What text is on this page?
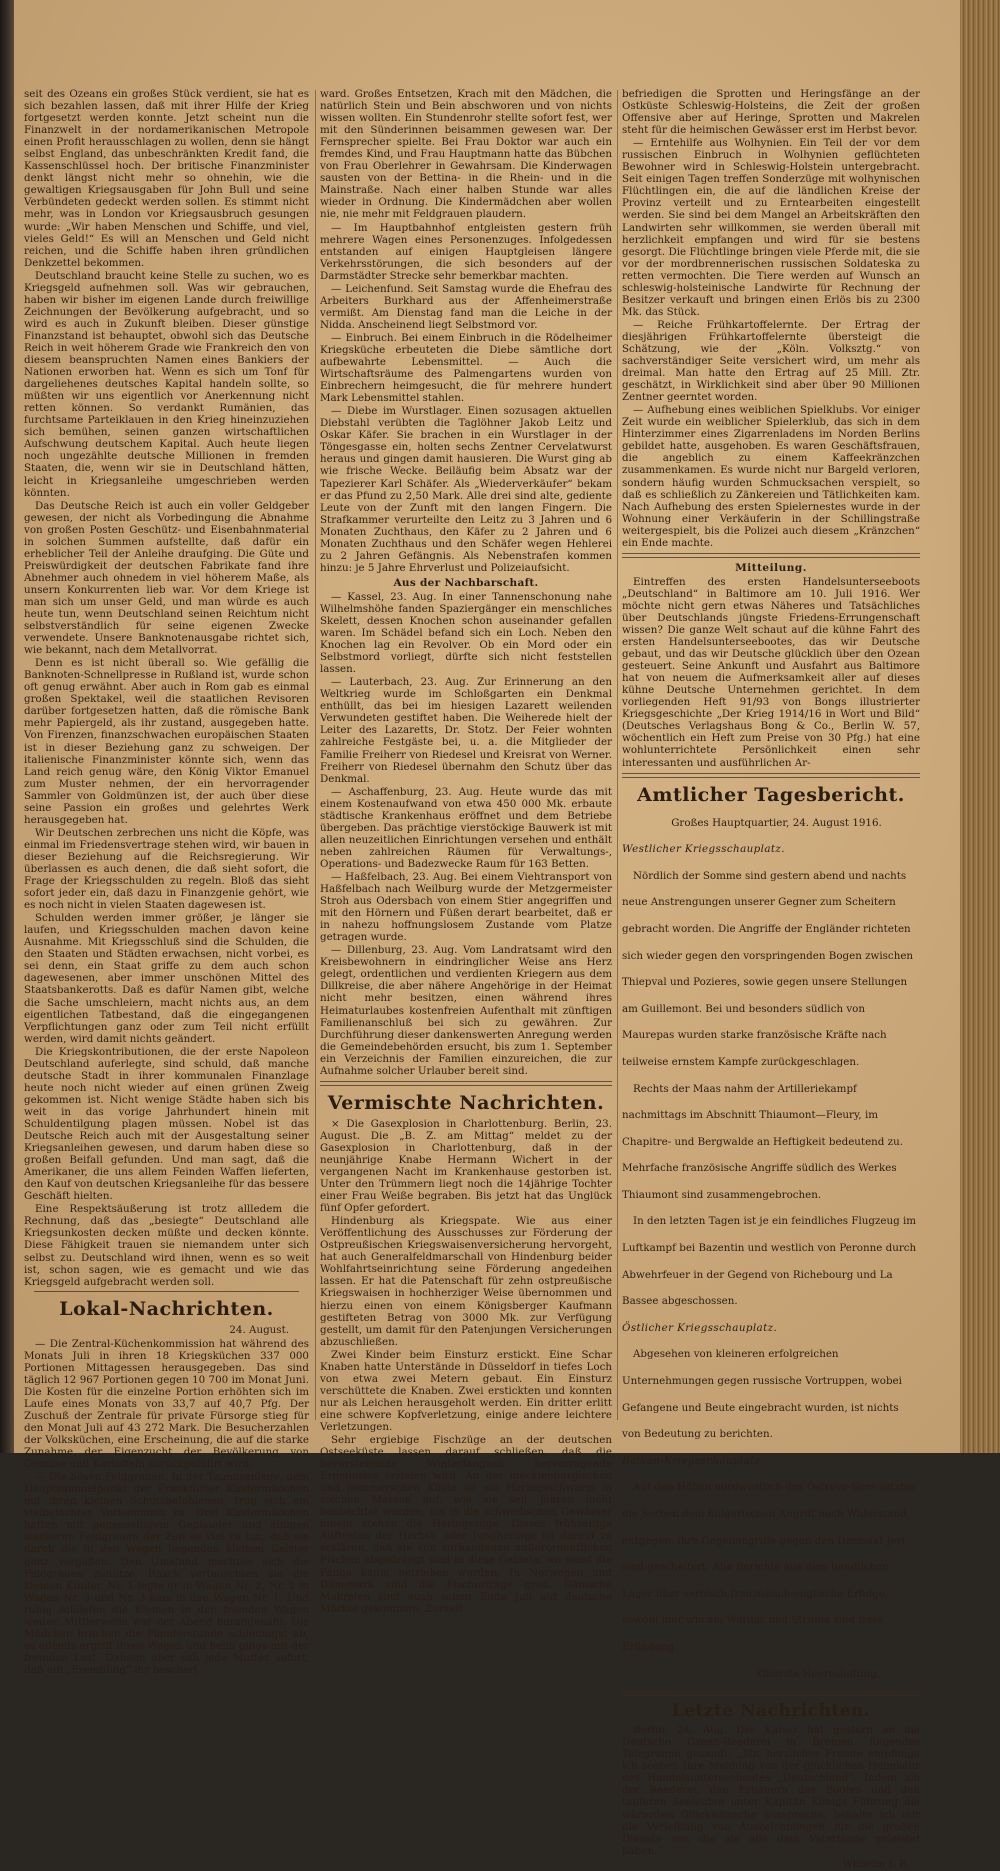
seit des Ozeans ein großes Stück verdient, sie hat es sich bezahlen lassen, daß mit ihrer Hilfe der Krieg fortgesetzt werden konnte. Jetzt scheint nun die Finanzwelt in der nordamerikanischen Metropole einen Profit herausschlagen zu wollen, denn sie hängt selbst England, das unbeschränkten Kredit fand, die Kassenschlüssel hoch. Der britische Finanzminister denkt längst nicht mehr so ohnehin, wie die gewaltigen Kriegsausgaben für John Bull und seine Verbündeten gedeckt werden sollen. Es stimmt nicht mehr, was in London vor Kriegsausbruch gesungen wurde: „Wir haben Menschen und Schiffe, und viel, vieles Geld!“ Es will an Menschen und Geld nicht reichen, und die Schiffe haben ihren gründlichen Denkzettel bekommen.

Deutschland braucht keine Stelle zu suchen, wo es Kriegsgeld aufnehmen soll. Was wir gebrauchen, haben wir bisher im eigenen Lande durch freiwillige Zeichnungen der Bevölkerung aufgebracht, und so wird es auch in Zukunft bleiben. Dieser günstige Finanzstand ist behauptet, obwohl sich das Deutsche Reich in weit höherem Grade wie Frankreich den von diesem beanspruchten Namen eines Bankiers der Nationen erworben hat. Wenn es sich um Tonf für dargeliehenes deutsches Kapital handeln sollte, so müßten wir uns eigentlich vor Anerkennung nicht retten können. So verdankt Rumänien, das furchtsame Parteiklauen in den Krieg hineinzuziehen sich bemühen, seinen ganzen wirtschaftlichen Aufschwung deutschem Kapital. Auch heute liegen noch ungezählte deutsche Millionen in fremden Staaten, die, wenn wir sie in Deutschland hätten, leicht in Kriegsanleihe umgeschrieben werden könnten.

Das Deutsche Reich ist auch ein voller Geldgeber gewesen, der nicht als Vorbedingung die Abnahme von großen Posten Geschütz- und Eisenbahnmaterial in solchen Summen aufstellte, daß dafür ein erheblicher Teil der Anleihe draufging. Die Güte und Preiswürdigkeit der deutschen Fabrikate fand ihre Abnehmer auch ohnedem in viel höherem Maße, als unsern Konkurrenten lieb war. Vor dem Kriege ist man sich um unser Geld, und man würde es auch heute tun, wenn Deutschland seinen Reichtum nicht selbstverständlich für seine eigenen Zwecke verwendete. Unsere Banknotenausgabe richtet sich, wie bekannt, nach dem Metallvorrat.

Denn es ist nicht überall so. Wie gefällig die Banknoten-Schnellpresse in Rußland ist, wurde schon oft genug erwähnt. Aber auch in Rom gab es einmal großen Spektakel, weil die staatlichen Revisoren darüber fortgesetzen hatten, daß die römische Bank mehr Papiergeld, als ihr zustand, ausgegeben hatte. Von Firenzen, finanzschwachen europäischen Staaten ist in dieser Beziehung ganz zu schweigen. Der italienische Finanzminister könnte sich, wenn das Land reich genug wäre, den König Viktor Emanuel zum Muster nehmen, der ein hervorragender Sammler von Goldmünzen ist, der auch über diese seine Passion ein großes und gelehrtes Werk herausgegeben hat.

Wir Deutschen zerbrechen uns nicht die Köpfe, was einmal im Friedensvertrage stehen wird, wir bauen in dieser Beziehung auf die Reichsregierung. Wir überlassen es auch denen, die daß sieht sofort, die Frage der Kriegsschulden zu regeln. Bloß das sieht sofort jeder ein, daß dazu in Finanzgenie gehört, wie es noch nicht in vielen Staaten dagewesen ist.

Schulden werden immer größer, je länger sie laufen, und Kriegsschulden machen davon keine Ausnahme. Mit Kriegsschluß sind die Schulden, die den Staaten und Städten erwachsen, nicht vorbei, es sei denn, ein Staat griffe zu dem auch schon dagewesenen, aber immer unschönen Mittel des Staatsbankerotts. Daß es dafür Namen gibt, welche die Sache umschleiern, macht nichts aus, an dem eigentlichen Tatbestand, daß die eingegangenen Verpflichtungen ganz oder zum Teil nicht erfüllt werden, wird damit nichts geändert.

Die Kriegskontributionen, die der erste Napoleon Deutschland auferlegte, sind schuld, daß manche deutsche Stadt in ihrer kommunalen Finanzlage heute noch nicht wieder auf einen grünen Zweig gekommen ist. Nicht wenige Städte haben sich bis weit in das vorige Jahrhundert hinein mit Schuldentilgung plagen müssen. Nobel ist das Deutsche Reich auch mit der Ausgestaltung seiner Kriegsanleihen gewesen, und darum haben diese so großen Beifall gefunden. Und man sagt, daß die Amerikaner, die uns allem Feinden Waffen lieferten, den Kauf von deutschen Kriegsanleihe für das bessere Geschäft hielten.

Eine Respektsäußerung ist trotz allledem die Rechnung, daß das „besiegte“ Deutschland alle Kriegsunkosten decken müßte und decken könnte. Diese Fähigkeit trauen sie niemandem unter sich selbst zu. Deutschland wird ihnen, wenn es so weit ist, schon sagen, wie es gemacht und wie das Kriegsgeld aufgebracht werden soll.

Lokal-Nachrichten.
24. August.

— Die Zentral-Küchenkommission hat während des Monats Juli in ihren 18 Kriegsküchen 337 000 Portionen Mittagessen herausgegeben. Das sind täglich 12 967 Portionen gegen 10 700 im Monat Juni. Die Kosten für die einzelne Portion erhöhten sich im Laufe eines Monats von 33,7 auf 40,7 Pfg. Der Zuschuß der Zentrale für private Fürsorge stieg für den Monat Juli auf 43 272 Mark. Die Besucherzahlen der Volksküchen, eine Erscheinung, die auf die starke Zunahme der Eigenzucht der Bevölkerung von Gemüse und Kartoffeln zurückgeführt wird.

— Die bösen Feldgrauen. In der Taunusanlage, dem Hauptsammelpunkt der Frankfurter Kindermädchen mit ihren kleinen Schutzbefohlenen, trug sich ein vielbelachtes Vorkommnis zu. Drei Kindermädchen hatten mit gegenseitigem Geplauder und einigen wackeren Feldgrauen der Zeit so viel zu tun, daß sie darob die in den Wagen liegenden kleinen Geister ganz vergaßen. Den Umstand machten sich die Feldgrauen zunutze. Rasch vertauschten sie die kleinen Kinder. Nr. 1 legte er in Wagen Nr. 2, Nr. 2 in Wagen Nr. 3 und Nr. 3 kam in den Wagen Nr. 1. Und ruhig schliefen die Kleinen in den fremden Wagen weiter. Mittlerweile war der Abend herangenaht. Die Mädchen brachen die Plauderstunde schleunigst ab, es eilends ergriff ihren Wagen und heim gings mit der fremden Last. Daheim aber sah jede Mutter sofort, daß ein „Frembling“ ihr beschert

ward. Großes Entsetzen, Krach mit den Mädchen, die natürlich Stein und Bein abschworen und von nichts wissen wollten. Ein Stundenrohr stellte sofort fest, wer mit den Sünderinnen beisammen gewesen war. Der Fernsprecher spielte. Bei Frau Doktor war auch ein fremdes Kind, und Frau Hauptmann hatte das Bübchen von Frau Oberlehrer in Gewahrsam. Die Kinderwagen sausten von der Bettina- in die Rhein- und in die Mainstraße. Nach einer halben Stunde war alles wieder in Ordnung. Die Kindermädchen aber wollen nie, nie mehr mit Feldgrauen plaudern.

— Im Hauptbahnhof entgleisten gestern früh mehrere Wagen eines Personenzuges. Infolgedessen entstanden auf einigen Hauptgleisen längere Verkehrsstörungen, die sich besonders auf der Darmstädter Strecke sehr bemerkbar machten.

— Leichenfund. Seit Samstag wurde die Ehefrau des Arbeiters Burkhard aus der Affenheimerstraße vermißt. Am Dienstag fand man die Leiche in der Nidda. Anscheinend liegt Selbstmord vor.

— Einbruch. Bei einem Einbruch in die Rödelheimer Kriegsküche erbeuteten die Diebe sämtliche dort aufbewahrte Lebensmittel. — Auch die Wirtschaftsräume des Palmengartens wurden von Einbrechern heimgesucht, die für mehrere hundert Mark Lebensmittel stahlen.

— Diebe im Wurstlager. Einen sozusagen aktuellen Diebstahl verübten die Taglöhner Jakob Leitz und Oskar Käfer. Sie brachen in ein Wurstlager in der Töngesgasse ein, holten sechs Zentner Cervelatwurst heraus und gingen damit hausieren. Die Wurst ging ab wie frische Wecke. Beiläufig beim Absatz war der Tapezierer Karl Schäfer. Als „Wiederverkäufer“ bekam er das Pfund zu 2,50 Mark. Alle drei sind alte, gediente Leute von der Zunft mit den langen Fingern. Die Strafkammer verurteilte den Leitz zu 3 Jahren und 6 Monaten Zuchthaus, den Käfer zu 2 Jahren und 6 Monaten Zuchthaus und den Schäfer wegen Hehlerei zu 2 Jahren Gefängnis. Als Nebenstrafen kommen hinzu: je 5 Jahre Ehrverlust und Polizeiaufsicht.

Aus der Nachbarschaft.

— Kassel, 23. Aug. In einer Tannenschonung nahe Wilhelmshöhe fanden Spaziergänger ein menschliches Skelett, dessen Knochen schon auseinander gefallen waren. Im Schädel befand sich ein Loch. Neben den Knochen lag ein Revolver. Ob ein Mord oder ein Selbstmord vorliegt, dürfte sich nicht feststellen lassen.

— Lauterbach, 23. Aug. Zur Erinnerung an den Weltkrieg wurde im Schloßgarten ein Denkmal enthüllt, das bei im hiesigen Lazarett weilenden Verwundeten gestiftet haben. Die Weiherede hielt der Leiter des Lazaretts, Dr. Stotz. Der Feier wohnten zahlreiche Festgäste bei, u. a. die Mitglieder der Familie Freiherr von Riedesel und Kreisrat von Werner. Freiherr von Riedesel übernahm den Schutz über das Denkmal.

— Aschaffenburg, 23. Aug. Heute wurde das mit einem Kostenaufwand von etwa 450 000 Mk. erbaute städtische Krankenhaus eröffnet und dem Betriebe übergeben. Das prächtige vierstöckige Bauwerk ist mit allen neuzeitlichen Einrichtungen versehen und enthält neben zahlreichen Räumen für Verwaltungs-, Operations- und Badezwecke Raum für 163 Betten.

— Haßfelbach, 23. Aug. Bei einem Viehtransport von Haßfelbach nach Weilburg wurde der Metzgermeister Stroh aus Odersbach von einem Stier angegriffen und mit den Hörnern und Füßen derart bearbeitet, daß er in nahezu hoffnungslosem Zustande vom Platze getragen wurde.

— Dillenburg, 23. Aug. Vom Landratsamt wird den Kreisbewohnern in eindringlicher Weise ans Herz gelegt, ordentlichen und verdienten Kriegern aus dem Dillkreise, die aber nähere Angehörige in der Heimat nicht mehr besitzen, einen während ihres Heimaturlaubes kostenfreien Aufenthalt mit zünftigen Familienanschluß bei sich zu gewähren. Zur Durchführung dieser dankenswerten Anregung werden die Gemeindebehörden ersucht, bis zum 1. September ein Verzeichnis der Familien einzureichen, die zur Aufnahme solcher Urlauber bereit sind.

Vermischte Nachrichten.

× Die Gasexplosion in Charlottenburg. Berlin, 23. August. Die „B. Z. am Mittag“ meldet zu der Gasexplosion in Charlottenburg, daß in der neunjährige Knabe Hermann Wichert in der vergangenen Nacht im Krankenhause gestorben ist. Unter den Trümmern liegt noch die 14jährige Tochter einer Frau Weiße begraben. Bis jetzt hat das Unglück fünf Opfer gefordert.

Hindenburg als Kriegspate. Wie aus einer Veröffentlichung des Ausschusses zur Förderung der Ostpreußischen Kriegswaisenversicherung hervorgeht, hat auch Generalfeldmarschall von Hindenburg beider Wohlfahrtseinrichtung seine Förderung angedeihen lassen. Er hat die Patenschaft für zehn ostpreußische Kriegswaisen in hochherziger Weise übernommen und hierzu einen von einem Königsberger Kaufmann gestifteten Betrag von 3000 Mk. zur Verfügung gestellt, um damit für den Patenjungen Versicherungen abzuschließen.

Zwei Kinder beim Einsturz erstickt. Eine Schar Knaben hatte Unterstände in Düsseldorf in tiefes Loch von etwa zwei Metern gebaut. Ein Einsturz verschüttete die Knaben. Zwei erstickten und konnten nur als Leichen herausgeholt werden. Ein dritter erlitt eine schwere Kopfverletzung, einige andere leichtere Verletzungen.

Sehr ergiebige Fischzüge an der deutschen Ostseeküste lassen darauf schließen, daß die bevorstehende Winterfangzeit hervorragende Ergebnisse erzielen wird. An der mecklenburgischen und pommerschen Küste ist ein Heringsschwarm in solchen Massen auf, wie sie seit Jahren nicht beobachtet wurden, bis in die schwedischen Gewässer hinein stehen die Heringszüge. Dieses frühzeitige Auftreten der Herbst- oder Jungheringe ist darauf zu erklären, daß sie von vorhandenen außerordentlichen Fischen abgedrängt sind in diese Gebiete, wo sonst die Fänge kaum betrieben wurden. In Norwegen und Dänemark sind die Fischerträge groß. Dänische Makrelen sind auch schon Ende Juli auf deutsche Märkte gekommen. Zurzeit

befriedigen die Sprotten und Heringsfänge an der Ostküste Schleswig-Holsteins, die Zeit der großen Offensive aber auf Heringe, Sprotten und Makrelen steht für die heimischen Gewässer erst im Herbst bevor.

— Erntehilfe aus Wolhynien. Ein Teil der vor dem russischen Einbruch in Wolhynien geflüchteten Bewohner wird in Schleswig-Holstein untergebracht. Seit einigen Tagen treffen Sonderzüge mit wolhynischen Flüchtlingen ein, die auf die ländlichen Kreise der Provinz verteilt und zu Erntearbeiten eingestellt werden. Sie sind bei dem Mangel an Arbeitskräften den Landwirten sehr willkommen, sie werden überall mit herzlichkeit empfangen und wird für sie bestens gesorgt. Die Flüchtlinge bringen viele Pferde mit, die sie vor der mordbrennerischen russischen Soldateska zu retten vermochten. Die Tiere werden auf Wunsch an schleswig-holsteinische Landwirte für Rechnung der Besitzer verkauft und bringen einen Erlös bis zu 2300 Mk. das Stück.

— Reiche Frühkartoffelernte. Der Ertrag der diesjährigen Frühkartoffelernte übersteigt die Schätzung, wie der „Köln. Volksztg.“ von sachverständiger Seite versichert wird, um mehr als dreimal. Man hatte den Ertrag auf 25 Mill. Ztr. geschätzt, in Wirklichkeit sind aber über 90 Millionen Zentner geerntet worden.

— Aufhebung eines weiblichen Spielklubs. Vor einiger Zeit wurde ein weiblicher Spielerklub, das sich in dem Hinterzimmer eines Zigarrenladens im Norden Berlins gebildet hatte, ausgehoben. Es waren Geschäftsfrauen, die angeblich zu einem Kaffeekränzchen zusammenkamen. Es wurde nicht nur Bargeld verloren, sondern häufig wurden Schmucksachen verspielt, so daß es schließlich zu Zänkereien und Tätlichkeiten kam. Nach Aufhebung des ersten Spielernestes wurde in der Wohnung einer Verkäuferin in der Schillingstraße weitergespielt, bis die Polizei auch diesem „Kränzchen“ ein Ende machte.

Mitteilung.

Eintreffen des ersten Handelsunterseeboots „Deutschland“ in Baltimore am 10. Juli 1916. Wer möchte nicht gern etwas Näheres und Tatsächliches über Deutschlands jüngste Friedens-Errungenschaft wissen? Die ganze Welt schaut auf die kühne Fahrt des ersten Handelsunterseebootes, das wir Deutsche gebaut, und das wir Deutsche glücklich über den Ozean gesteuert. Seine Ankunft und Ausfahrt aus Baltimore hat von neuem die Aufmerksamkeit aller auf dieses kühne Deutsche Unternehmen gerichtet. In dem vorliegenden Heft 91/93 von Bongs illustrierter Kriegsgeschichte „Der Krieg 1914/16 in Wort und Bild“ (Deutsches Verlagshaus Bong & Co., Berlin W. 57, wöchentlich ein Heft zum Preise von 30 Pfg.) hat eine wohlunterrichtete Persönlichkeit einen sehr interessanten und ausführlichen Ar-

Amtlicher Tagesbericht.

Großes Hauptquartier, 24. August 1916.

Westlicher Kriegsschauplatz.

Nördlich der Somme sind gestern abend und nachts neue Anstrengungen unserer Gegner zum Scheitern gebracht worden. Die Angriffe der Engländer richteten sich wieder gegen den vorspringenden Bogen zwischen Thiepval und Pozieres, sowie gegen unsere Stellungen am Guillemont. Bei und besonders südlich von Maurepas wurden starke französische Kräfte nach teilweise ernstem Kampfe zurückgeschlagen.

Rechts der Maas nahm der Artilleriekampf nachmittags im Abschnitt Thiaumont—Fleury, im Chapitre- und Bergwalde an Heftigkeit bedeutend zu. Mehrfache französische Angriffe südlich des Werkes Thiaumont sind zusammengebrochen.

In den letzten Tagen ist je ein feindliches Flugzeug im Luftkampf bei Bazentin und westlich von Peronne durch Abwehrfeuer in der Gegend von Richebourg und La Bassee abgeschossen.

Östlicher Kriegsschauplatz.

Abgesehen von kleineren erfolgreichen Unternehmungen gegen russische Vortruppen, wobei Gefangene und Beute eingebracht wurden, ist nichts von Bedeutung zu berichten.

Balkan-Kriegsschauplatz.

Auf den Höhen nordwestlich des Ostrovo-Sees setzten die Serben dem bulgarischen Angriff noch Widerstand entgegen, ihre Gegenangriffe gegen den Dzemaat Jeri sind gescheitert. Alle Berichte aus dem feindlichen Lager über serbisch-französisch-englische Erfolge, sowohl hier wie am Wardar und Struma sind freie Erfindung.

Oberste Heeresleitung.

Letzte Nachrichten.

Berlin, 24. Aug. Der Kaiser hat gestern an die Deutsche Ozean-Reederei in Bremen folgendes Telegramm gesandt: „Mit herzlicher Freude empfange ich soeben Ihre Meldung von der glücklichen Heimkehr des Handelsunterseebootes „Deutschland“. Indem ich der Reederei, den Erbauern des Bootes und den tapferen Seeleuten unter Kapitän Königs Führung die wärmsten Glückwünsche ausspreche, behalte ich mir die Verleihung von Auszeichnungen für die großen Dienste vor, die sie alle dem Vaterlande geleistet haben.“

Wilhelm I. R.
